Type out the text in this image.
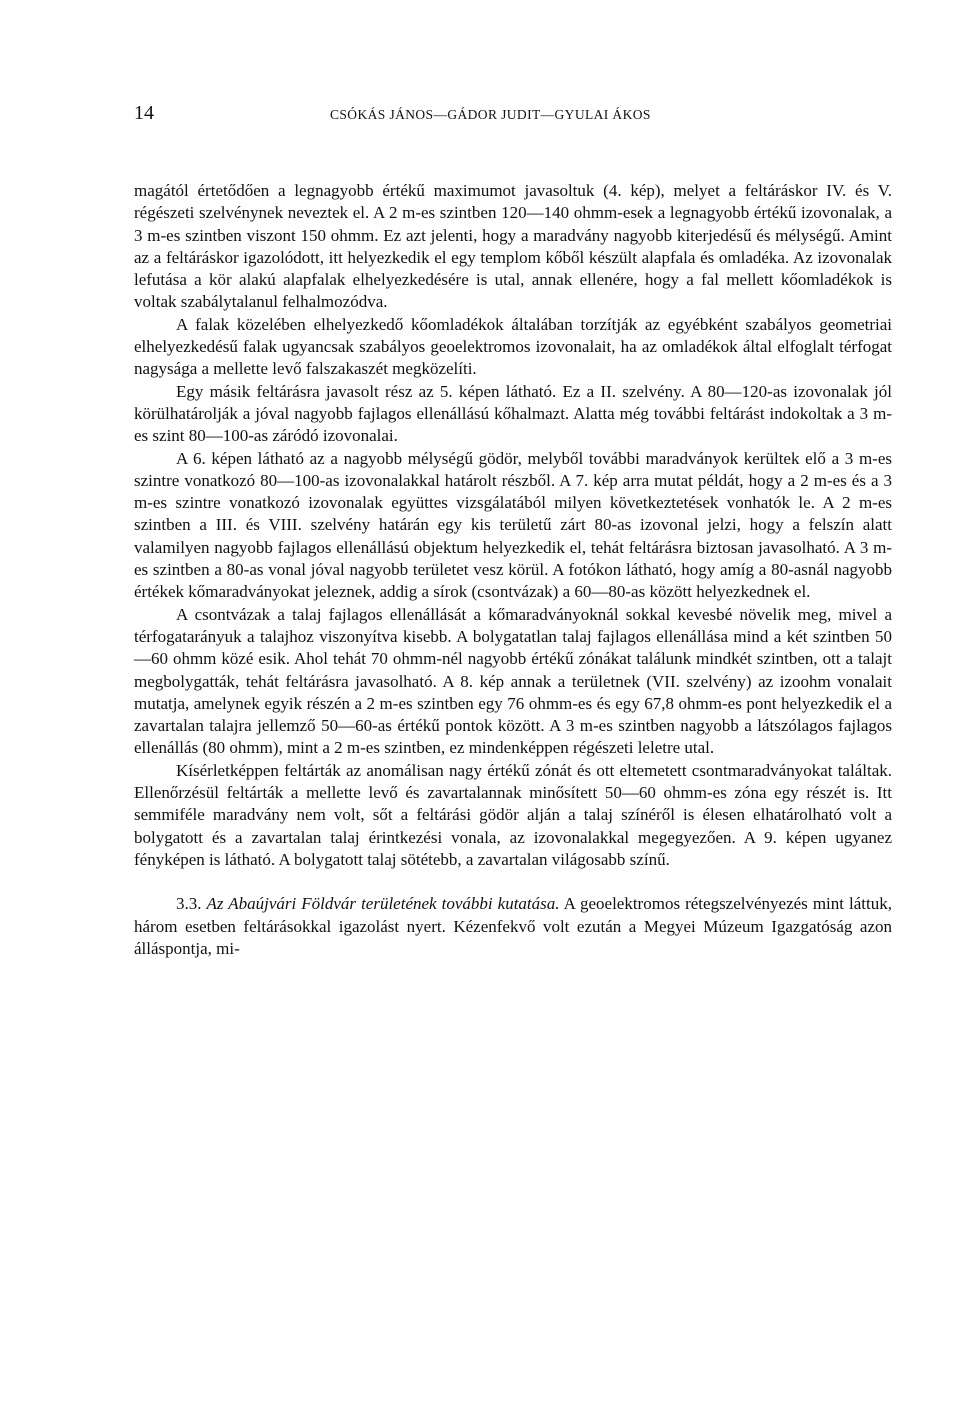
14	CSÓKÁS JÁNOS—GÁDOR JUDIT—GYULAI ÁKOS

magától értetődően a legnagyobb értékű maximumot javasoltuk (4. kép), melyet a feltáráskor IV. és V. régészeti szelvénynek neveztek el. A 2 m-es szintben 120—140 ohmm-esek a legnagyobb értékű izovonalak, a 3 m-es szintben viszont 150 ohmm. Ez azt jelenti, hogy a maradvány nagyobb kiterjedésű és mélységű. Amint az a feltáráskor igazolódott, itt helyezkedik el egy templom kőből készült alapfala és omladéka. Az izovonalak lefutása a kör alakú alapfalak elhelyezkedésére is utal, annak ellenére, hogy a fal mellett kőomladékok is voltak szabálytalanul felhalmozódva.

A falak közelében elhelyezkedő kőomladékok általában torzítják az egyébként szabályos geometriai elhelyezkedésű falak ugyancsak szabályos geoelektromos izovonalait, ha az omladékok által elfoglalt térfogat nagysága a mellette levő falszakaszét megközelíti.

Egy másik feltárásra javasolt rész az 5. képen látható. Ez a II. szelvény. A 80—120-as izovonalak jól körülhatárolják a jóval nagyobb fajlagos ellenállású kőhalmazt. Alatta még további feltárást indokoltak a 3 m-es szint 80—100-as záródó izovonalai.

A 6. képen látható az a nagyobb mélységű gödör, melyből további maradványok kerültek elő a 3 m-es szintre vonatkozó 80—100-as izovonalakkal határolt részből. A 7. kép arra mutat példát, hogy a 2 m-es és a 3 m-es szintre vonatkozó izovonalak együttes vizsgálatából milyen következtetések vonhatók le. A 2 m-es szintben a III. és VIII. szelvény határán egy kis területű zárt 80-as izovonal jelzi, hogy a felszín alatt valamilyen nagyobb fajlagos ellenállású objektum helyezkedik el, tehát feltárásra biztosan javasolható. A 3 m-es szintben a 80-as vonal jóval nagyobb területet vesz körül. A fotókon látható, hogy amíg a 80-asnál nagyobb értékek kőmaradványokat jeleznek, addig a sírok (csontvázak) a 60—80-as között helyezkednek el.

A csontvázak a talaj fajlagos ellenállását a kőmaradványoknál sokkal kevesbé növelik meg, mivel a térfogatarányuk a talajhoz viszonyítva kisebb. A bolygatatlan talaj fajlagos ellenállása mind a két szintben 50—60 ohmm közé esik. Ahol tehát 70 ohmm-nél nagyobb értékű zónákat találunk mindkét szintben, ott a talajt megbolygatták, tehát feltárásra javasolható. A 8. kép annak a területnek (VII. szelvény) az izoohm vonalait mutatja, amelynek egyik részén a 2 m-es szintben egy 76 ohmm-es és egy 67,8 ohmm-es pont helyezkedik el a zavartalan talajra jellemző 50—60-as értékű pontok között. A 3 m-es szintben nagyobb a látszólagos fajlagos ellenállás (80 ohmm), mint a 2 m-es szintben, ez mindenképpen régészeti leletre utal.

Kísérletképpen feltárták az anomálisan nagy értékű zónát és ott eltemetett csontmaradványokat találtak. Ellenőrzésül feltárták a mellette levő és zavartalannak minősített 50—60 ohmm-es zóna egy részét is. Itt semmiféle maradvány nem volt, sőt a feltárási gödör alján a talaj színéről is élesen elhatárolható volt a bolygatott és a zavartalan talaj érintkezési vonala, az izovonalakkal megegyezően. A 9. képen ugyanez fényképen is látható. A bolygatott talaj sötétebb, a zavartalan világosabb színű.

3.3. Az Abaújvári Földvár területének további kutatása. A geoelektromos rétegszelvényezés mint láttuk, három esetben feltárásokkal igazolást nyert. Kézenfekvő volt ezután a Megyei Múzeum Igazgatóság azon álláspontja, mi-
